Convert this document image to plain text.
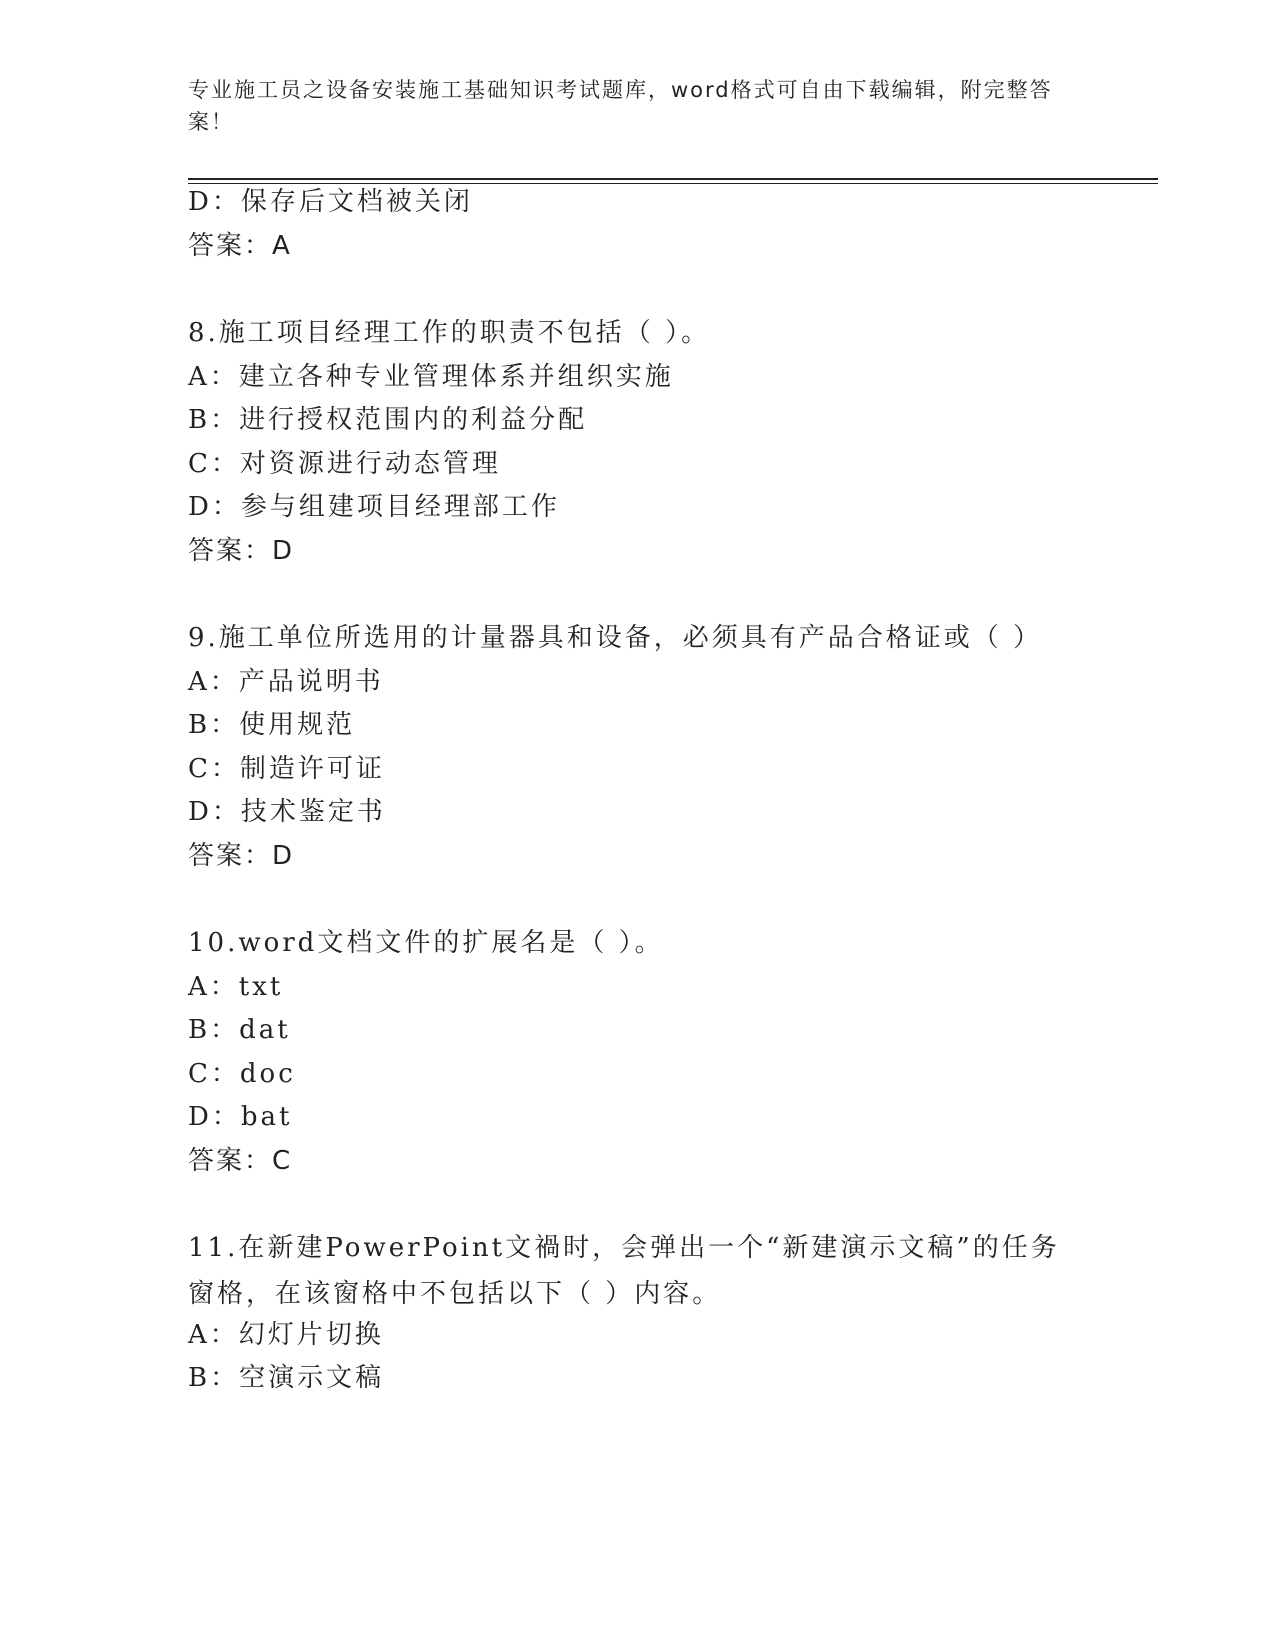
专业施工员之设备安装施工基础知识考试题库，word格式可自由下载编辑，附完整答案！
D：保存后文档被关闭
答案：A
8.施工项目经理工作的职责不包括（ ）。
A：建立各种专业管理体系并组织实施
B：进行授权范围内的利益分配
C：对资源进行动态管理
D：参与组建项目经理部工作
答案：D
9.施工单位所选用的计量器具和设备，必须具有产品合格证或（ ）
A：产品说明书
B：使用规范
C：制造许可证
D：技术鉴定书
答案：D
10.word文档文件的扩展名是（ ）。
A：txt
B：dat
C：doc
D：bat
答案：C
11.在新建PowerPoint文禍时，会弹出一个“新建演示文稿”的任务窗格，在该窗格中不包括以下（ ）内容。
A：幻灯片切换
B：空演示文稿
